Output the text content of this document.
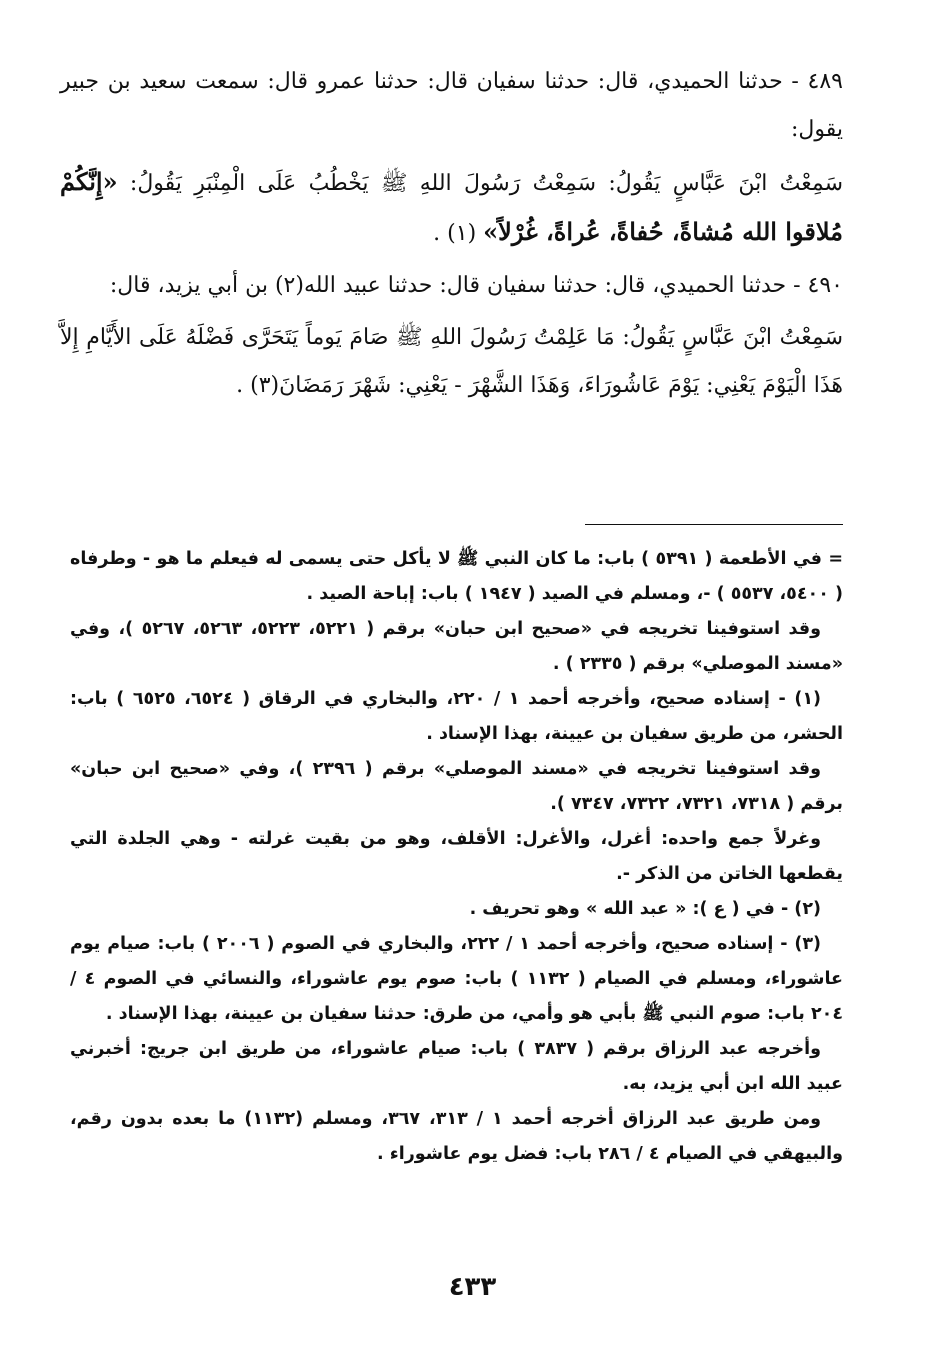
٤٨٩ - حدثنا الحميدي، قال: حدثنا سفيان قال: حدثنا عمرو قال: سمعت سعيد بن جبير يقول:

سَمِعْتُ ابْنَ عَبَّاسٍ يَقُولُ: سَمِعْتُ رَسُولَ اللهِ ﷺ يَخْطُبُ عَلَى الْمِنْبَرِ يَقُولُ: «إِنَّكُمْ مُلاقوا الله مُشاةً، حُفاةً، عُراةً، غُرْلاً» (١) .

٤٩٠ - حدثنا الحميدي، قال: حدثنا سفيان قال: حدثنا عبيد الله(٢) بن أبي يزيد، قال:

سَمِعْتُ ابْنَ عَبَّاسٍ يَقُولُ: مَا عَلِمْتُ رَسُولَ اللهِ ﷺ صَامَ يَوماً يَتَحَرَّى فَضْلَهُ عَلَى الأَيَّامِ إِلاَّ هَذَا الْيَوْمَ يَعْنِي: يَوْمَ عَاشُورَاءَ، وَهَذَا الشَّهْرَ - يَعْنِي: شَهْرَ رَمَضَانَ(٣) .

= في الأطعمة ( ٥٣٩١ ) باب: ما كان النبي ﷺ لا يأكل حتى يسمى له فيعلم ما هو - وطرفاه ( ٥٤٠٠، ٥٥٣٧ ) -، ومسلم في الصيد ( ١٩٤٧ ) باب: إباحة الصيد .

وقد استوفينا تخريجه في «صحيح ابن حبان» برقم ( ٥٢٢١، ٥٢٢٣، ٥٢٦٣، ٥٢٦٧ )، وفي «مسند الموصلي» برقم ( ٢٣٣٥ ) .

(١) - إسناده صحيح، وأخرجه أحمد ١ / ٢٢٠، والبخاري في الرقاق ( ٦٥٢٤، ٦٥٢٥ ) باب: الحشر، من طريق سفيان بن عيينة، بهذا الإسناد .

وقد استوفينا تخريجه في «مسند الموصلي» برقم ( ٢٣٩٦ )، وفي «صحيح ابن حبان» برقم ( ٧٣١٨، ٧٣٢١، ٧٣٢٢، ٧٣٤٧ ).

وغرلاً جمع واحده: أغرل، والأغرل: الأقلف، وهو من بقيت غرلته - وهي الجلدة التي يقطعها الخاتن من الذكر -.

(٢) - في ( ع ): « عبد الله » وهو تحريف .

(٣) - إسناده صحيح، وأخرجه أحمد ١ / ٢٢٢، والبخاري في الصوم ( ٢٠٠٦ ) باب: صيام يوم عاشوراء، ومسلم في الصيام ( ١١٣٢ ) باب: صوم يوم عاشوراء، والنسائي في الصوم ٤ / ٢٠٤ باب: صوم النبي ﷺ بأبي هو وأمي، من طرق: حدثنا سفيان بن عيينة، بهذا الإسناد .

وأخرجه عبد الرزاق برقم ( ٣٨٣٧ ) باب: صيام عاشوراء، من طريق ابن جريج: أخبرني عبيد الله ابن أبي يزيد، به.

ومن طريق عبد الرزاق أخرجه أحمد ١ / ٣١٣، ٣٦٧، ومسلم (١١٣٢) ما بعده بدون رقم، والبيهقي في الصيام ٤ / ٢٨٦ باب: فضل يوم عاشوراء .

٤٣٣
